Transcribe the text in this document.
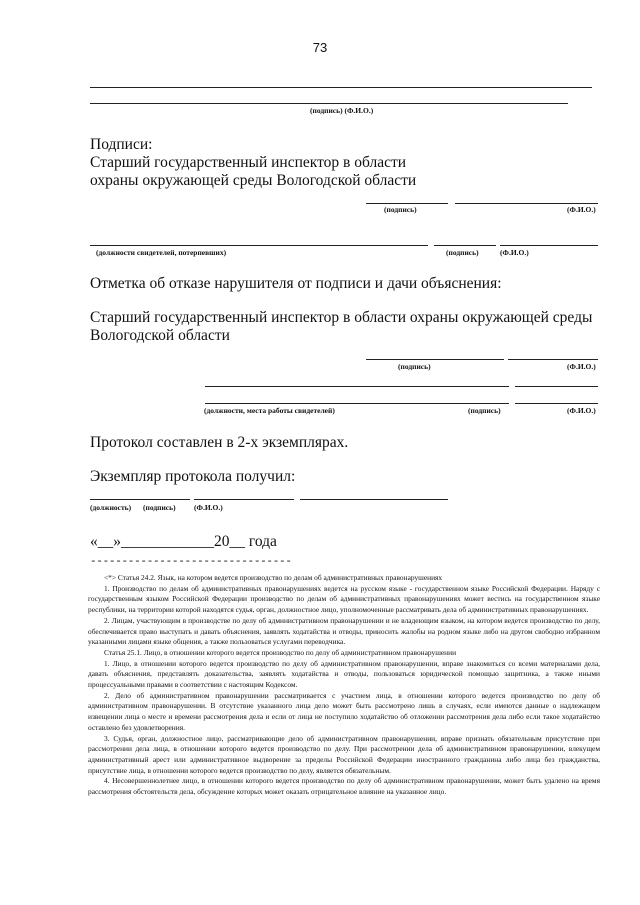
73
(подпись) (Ф.И.О.)
Подписи:
Старший государственный инспектор в области
охраны окружающей среды Вологодской области
(подпись)	(Ф.И.О.)
(должности свидетелей, потерпевших)	(подпись)	(Ф.И.О.)
Отметка об отказе нарушителя от подписи и дачи объяснения:
Старший государственный инспектор в области охраны окружающей среды
Вологодской области
(подпись)	(Ф.И.О.)
(должности, места работы свидетелей)	(подпись)	(Ф.И.О.)
Протокол составлен в 2-х экземплярах.
Экземпляр протокола получил:
(должность) (подпись) (Ф.И.О.)
«__»____________20__ года
--------------------------------

<*> Статья 24.2. Язык, на котором ведется производство по делам об административных правонарушениях

1. Производство по делам об административных правонарушениях ведется на русском языке - государственном языке Российской Федерации. Наряду с государственным языком Российской Федерации производство по делам об административных правонарушениях может вестись на государственном языке республики, на территории которой находятся судья, орган, должностное лицо, уполномоченные рассматривать дела об административных правонарушениях.

2. Лицам, участвующим в производстве по делу об административном правонарушении и не владеющим языком, на котором ведется производство по делу, обеспечивается право выступать и давать объяснения, заявлять ходатайства и отводы, приносить жалобы на родном языке либо на другом свободно избранном указанными лицами языке общения, а также пользоваться услугами переводчика.

Статья 25.1. Лицо, в отношении которого ведется производство по делу об административном правонарушении

1. Лицо, в отношении которого ведется производство по делу об административном правонарушении, вправе знакомиться со всеми материалами дела, давать объяснения, представлять доказательства, заявлять ходатайства и отводы, пользоваться юридической помощью защитника, а также иными процессуальными правами в соответствии с настоящим Кодексом.

2. Дело об административном правонарушении рассматривается с участием лица, в отношении которого ведется производство по делу об административном правонарушении. В отсутствие указанного лица дело может быть рассмотрено лишь в случаях, если имеются данные о надлежащем извещении лица о месте и времени рассмотрения дела и если от лица не поступило ходатайство об отложении рассмотрения дела либо если такое ходатайство оставлено без удовлетворения.

3. Судья, орган, должностное лицо, рассматривающие дело об административном правонарушении, вправе признать обязательным присутствие при рассмотрении дела лица, в отношении которого ведется производство по делу. При рассмотрении дела об административном правонарушении, влекущем административный арест или административное выдворение за пределы Российской Федерации иностранного гражданина либо лица без гражданства, присутствие лица, в отношении которого ведется производство по делу, является обязательным.

4. Несовершеннолетнее лицо, в отношении которого ведется производство по делу об административном правонарушении, может быть удалено на время рассмотрения обстоятельств дела, обсуждение которых может оказать отрицательное влияние на указанное лицо.
